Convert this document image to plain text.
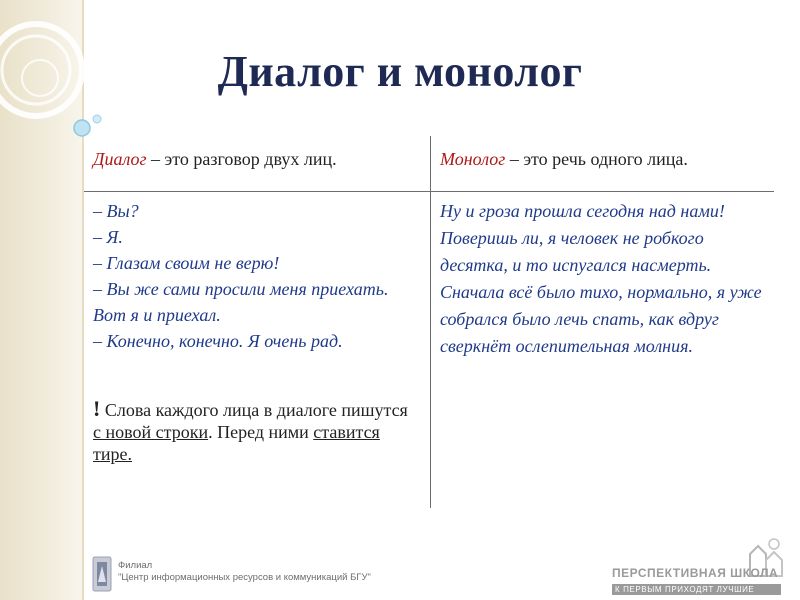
Диалог и монолог
Диалог – это разговор двух лиц.	Монолог – это речь одного лица.
– Вы?
– Я.
– Глазам своим не верю!
– Вы же сами просили меня приехать. Вот я и приехал.
– Конечно, конечно. Я очень рад.
! Слова каждого лица в диалоге пишутся с новой строки. Перед ними ставится тире.
Ну и гроза прошла сегодня над нами! Поверишь ли, я человек не робкого десятка, и то испугался насмерть. Сначала всё было тихо, нормально, я уже собрался было лечь спать, как вдруг сверкнёт ослепительная молния.
Филиал
"Центр информационных ресурсов и коммуникаций БГУ"	ПЕРСПЕКТИВНАЯ ШКОЛА
К ПЕРВЫМ ПРИХОДЯТ ЛУЧШИЕ
